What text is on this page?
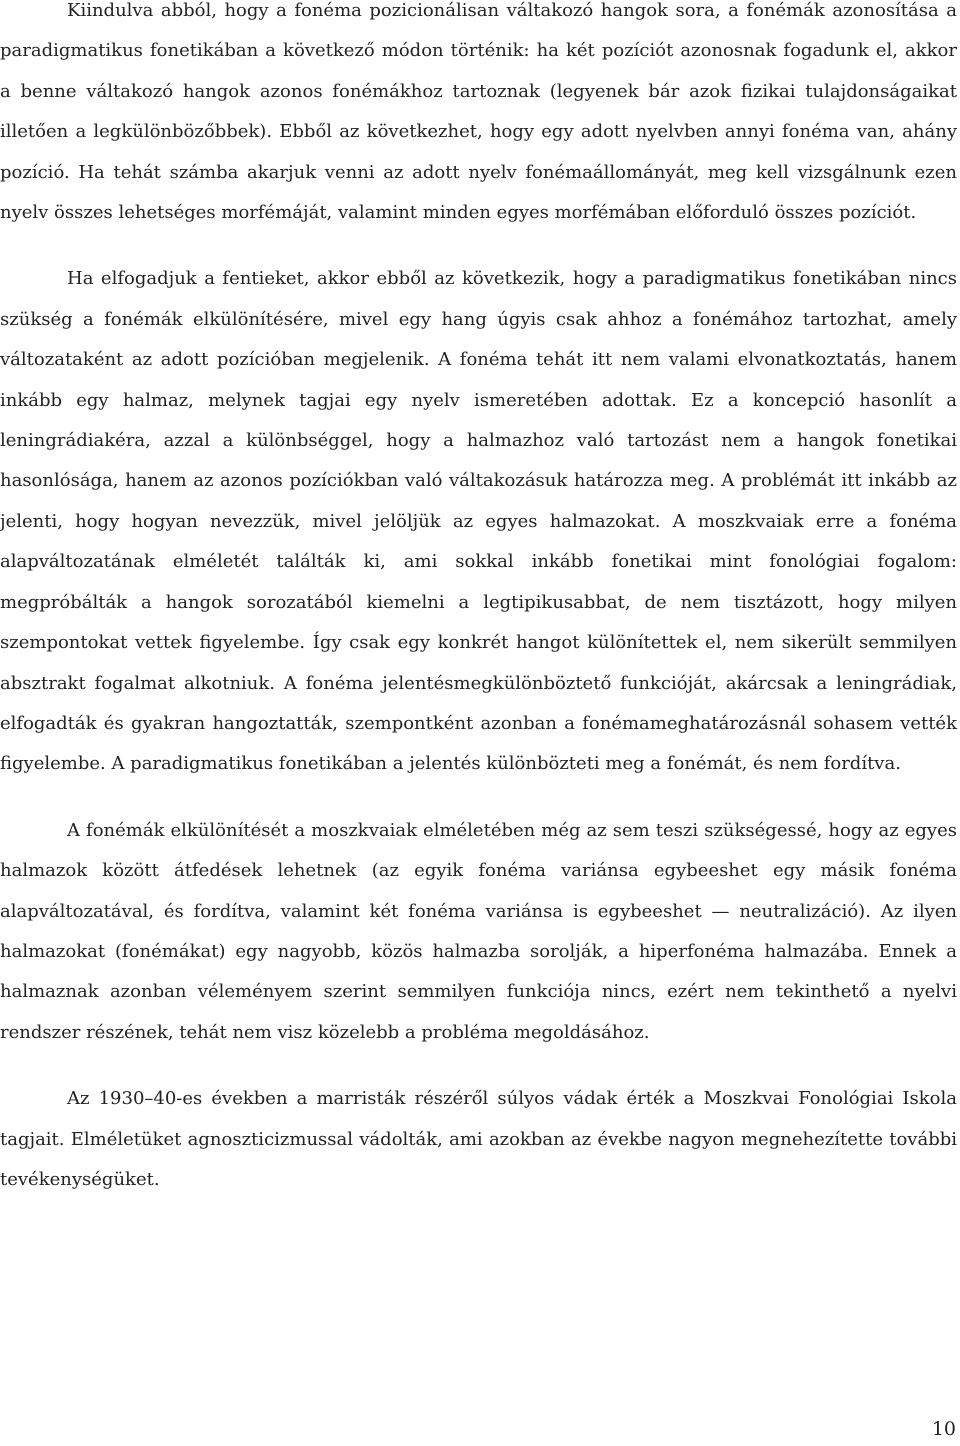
Kiindulva abból, hogy a fonéma pozicionálisan váltakozó hangok sora, a fonémák azonosítása a paradigmatikus fonetikában a következő módon történik: ha két pozíciót azonosnak fogadunk el, akkor a benne váltakozó hangok azonos fonémákhoz tartoznak (legyenek bár azok fizikai tulajdonságaikat illetően a legkülönbözőbbek). Ebből az következhet, hogy egy adott nyelvben annyi fonéma van, ahány pozíció. Ha tehát számba akarjuk venni az adott nyelv fonémaállományát, meg kell vizsgálnunk ezen nyelv összes lehetséges morfémáját, valamint minden egyes morfémában előforduló összes pozíciót.

Ha elfogadjuk a fentieket, akkor ebből az következik, hogy a paradigmatikus fonetikában nincs szükség a fonémák elkülönítésére, mivel egy hang úgyis csak ahhoz a fonémához tartozhat, amely változataként az adott pozícióban megjelenik. A fonéma tehát itt nem valami elvonatkoztatás, hanem inkább egy halmaz, melynek tagjai egy nyelv ismeretében adottak. Ez a koncepció hasonlít a leningrádiakéra, azzal a különbséggel, hogy a halmazhoz való tartozást nem a hangok fonetikai hasonlósága, hanem az azonos pozíciókban való váltakozásuk határozza meg. A problémát itt inkább az jelenti, hogy hogyan nevezzük, mivel jelöljük az egyes halmazokat. A moszkvaiak erre a fonéma alapváltozatának elméletét találták ki, ami sokkal inkább fonetikai mint fonológiai fogalom: megpróbálták a hangok sorozatából kiemelni a legtipikusabbat, de nem tisztázott, hogy milyen szempontokat vettek figyelembe. Így csak egy konkrét hangot különítettek el, nem sikerült semmilyen absztrakt fogalmat alkotniuk. A fonéma jelentésmegkülönböztető funkcióját, akárcsak a leningrádiak, elfogadták és gyakran hangoztatták, szempontként azonban a fonémameghatározásnál sohasem vették figyelembe. A paradigmatikus fonetikában a jelentés különbözteti meg a fonémát, és nem fordítva.

A fonémák elkülönítését a moszkvaiak elméletében még az sem teszi szükségessé, hogy az egyes halmazok között átfedések lehetnek (az egyik fonéma variánsa egybeeshet egy másik fonéma alapváltozatával, és fordítva, valamint két fonéma variánsa is egybeeshet — neutralizáció). Az ilyen halmazokat (fonémákat) egy nagyobb, közös halmazba sorolják, a hiperfonéma halmazába. Ennek a halmaznak azonban véleményem szerint semmilyen funkciója nincs, ezért nem tekinthető a nyelvi rendszer részének, tehát nem visz közelebb a probléma megoldásához.

Az 1930–40-es években a marristák részéről súlyos vádak érték a Moszkvai Fonológiai Iskola tagjait. Elméletüket agnoszticizmussal vádolták, ami azokban az évekbe nagyon megnehezítette további tevékenységüket.

10
